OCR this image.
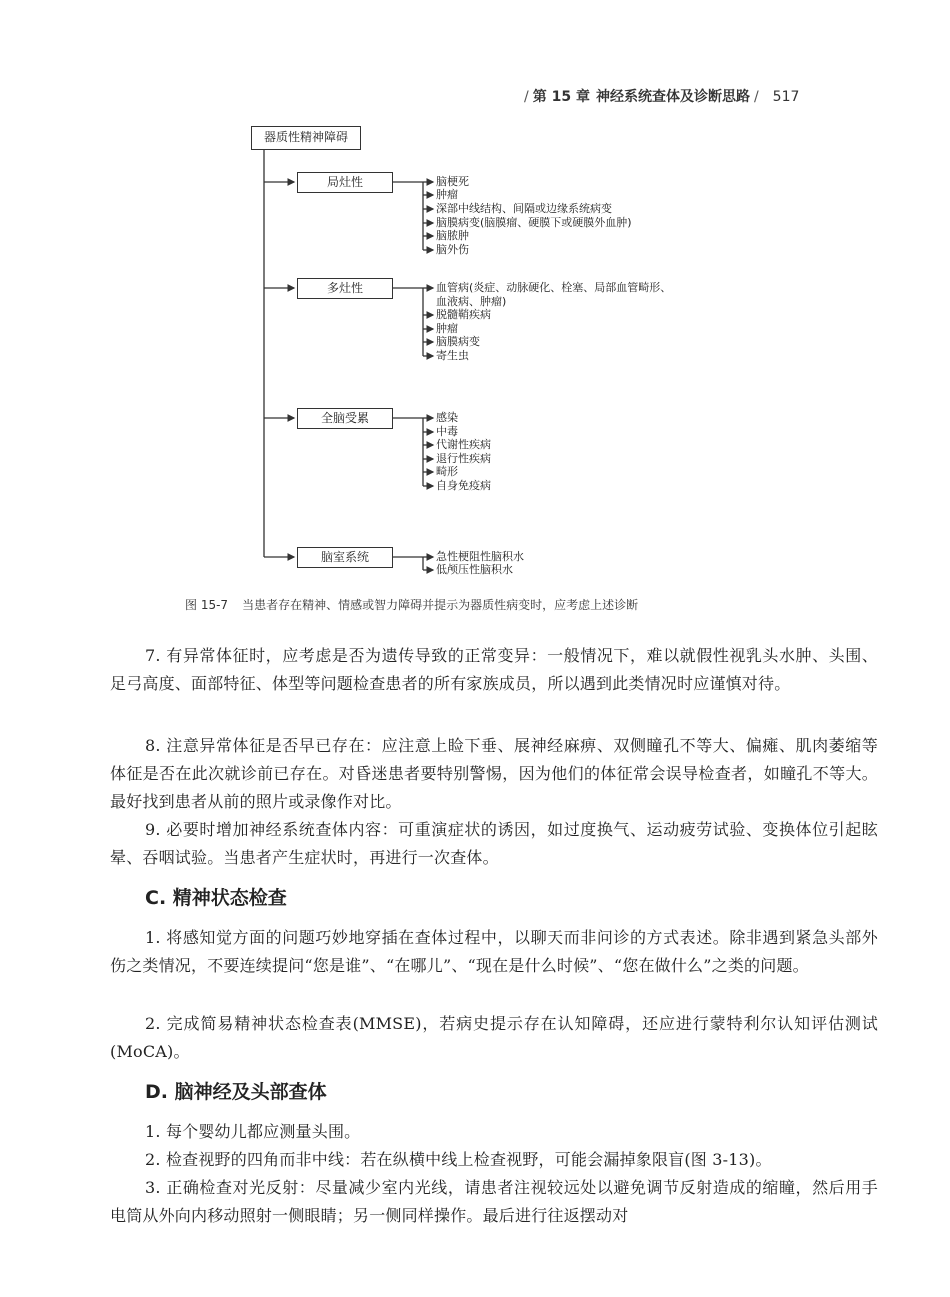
/ 第 15 章 神经系统查体及诊断思路 / 517
器质性精神障碍
局灶性
多灶性
全脑受累
脑室系统
脑梗死
肿瘤
深部中线结构、间隔或边缘系统病变
脑膜病变(脑膜瘤、硬膜下或硬膜外血肿)
脑脓肿
脑外伤
血管病(炎症、动脉硬化、栓塞、局部血管畸形、
血液病、肿瘤)
脱髓鞘疾病
肿瘤
脑膜病变
寄生虫
感染
中毒
代谢性疾病
退行性疾病
畸形
自身免疫病
急性梗阻性脑积水
低颅压性脑积水
图 15-7 当患者存在精神、情感或智力障碍并提示为器质性病变时，应考虑上述诊断
7. 有异常体征时，应考虑是否为遗传导致的正常变异：一般情况下，难以就假性视乳头水肿、头围、足弓高度、面部特征、体型等问题检查患者的所有家族成员，所以遇到此类情况时应谨慎对待。
8. 注意异常体征是否早已存在：应注意上睑下垂、展神经麻痹、双侧瞳孔不等大、偏瘫、肌肉萎缩等体征是否在此次就诊前已存在。对昏迷患者要特别警惕，因为他们的体征常会误导检查者，如瞳孔不等大。最好找到患者从前的照片或录像作对比。
9. 必要时增加神经系统查体内容：可重演症状的诱因，如过度换气、运动疲劳试验、变换体位引起眩晕、吞咽试验。当患者产生症状时，再进行一次查体。
C. 精神状态检查
1. 将感知觉方面的问题巧妙地穿插在查体过程中，以聊天而非问诊的方式表述。除非遇到紧急头部外伤之类情况，不要连续提问“您是谁”、“在哪儿”、“现在是什么时候”、“您在做什么”之类的问题。
2. 完成简易精神状态检查表(MMSE)，若病史提示存在认知障碍，还应进行蒙特利尔认知评估测试(MoCA)。
D. 脑神经及头部查体
1. 每个婴幼儿都应测量头围。
2. 检查视野的四角而非中线：若在纵横中线上检查视野，可能会漏掉象限盲(图 3-13)。
3. 正确检查对光反射：尽量减少室内光线，请患者注视较远处以避免调节反射造成的缩瞳，然后用手电筒从外向内移动照射一侧眼睛；另一侧同样操作。最后进行往返摆动对
